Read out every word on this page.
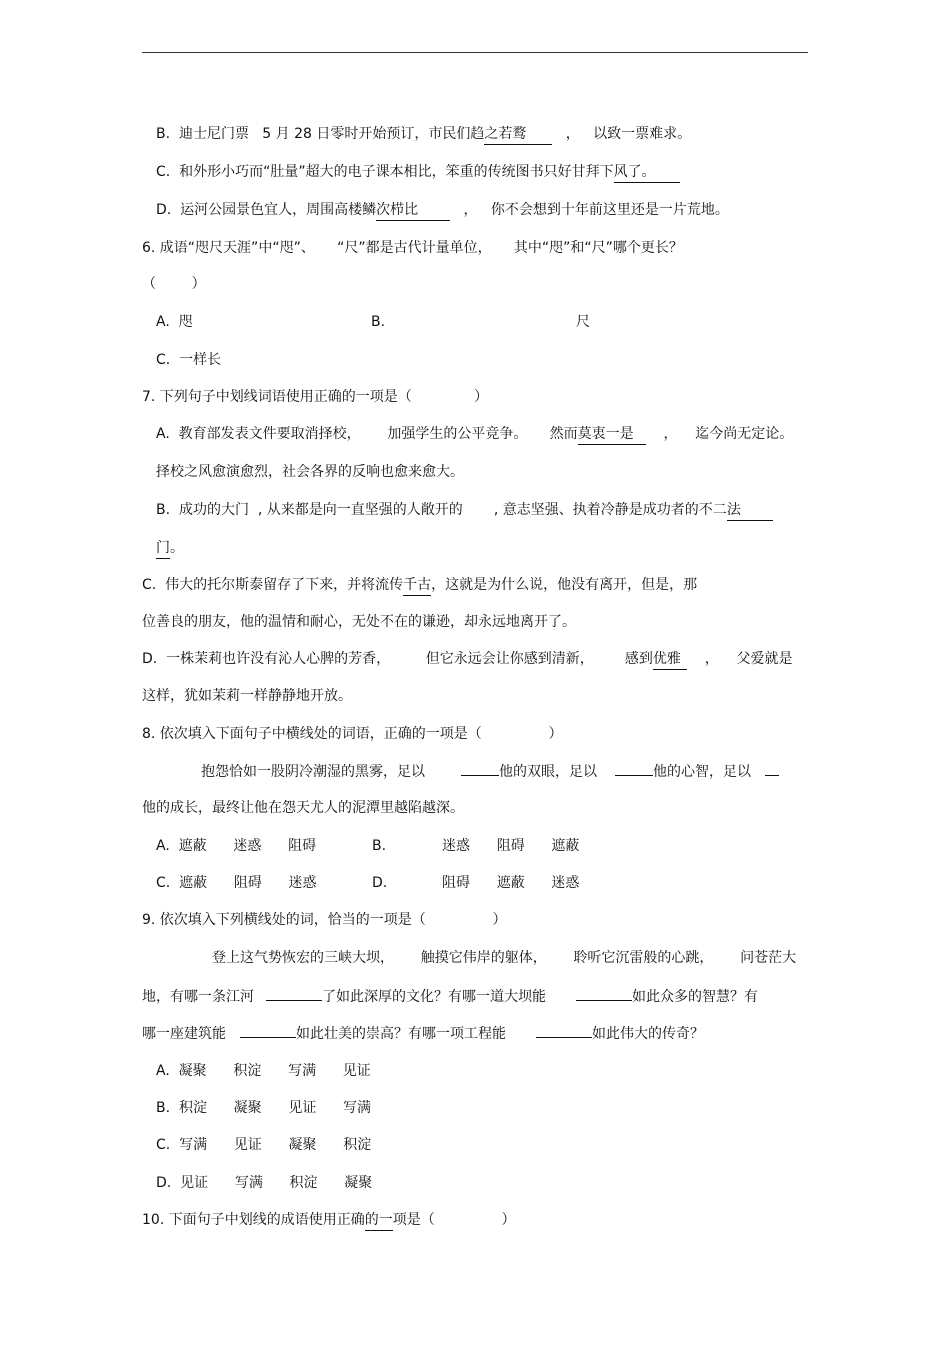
B.  迪士尼门票   5 月 28 日零时开始预订，市民们趋之若鹜   ，   以致一票难求。
C.  和外形小巧而“肚量”超大的电子课本相比，笨重的传统图书只好甘拜下风了。
D.  运河公园景色宜人，周围高楼鳞次栉比   ，   你不会想到十年前这里还是一片荒地。
6. 成语“咫尺天涯”中“咫”、     “尺”都是古代计量单位，     其中“咫”和“尺”哪个更长？
（        ）
A.  咫	B.	尺
C.  一样长
7. 下列句子中划线词语使用正确的一项是（              ）
A.  教育部发表文件要取消择校，      加强学生的公平竞争。     然而莫衷一是    ，    迄今尚无定论。
择校之风愈演愈烈，社会各界的反响也愈来愈大。
B.  成功的大门  , 从来都是向一直坚强的人敞开的       , 意志坚强、执着冷静是成功者的不二法
门。
C.  伟大的托尔斯泰留存了下来，并将流传千古，这就是为什么说，他没有离开，但是，那
位善良的朋友，他的温情和耐心，无处不在的谦逊，却永远地离开了。
D.  一株茉莉也许没有沁人心脾的芳香，        但它永远会让你感到清新，       感到优雅    ，    父爱就是
这样，犹如茉莉一样静静地开放。
8. 依次填入下面句子中横线处的词语，正确的一项是（               ）
抱怨恰如一股阴冷潮湿的黑雾，足以	他的双眼，足以	他的心智，足以
他的成长，最终让他在怨天尤人的泥潭里越陷越深。
A.  遮蔽      迷惑      阻碍	B.	迷惑      阻碍      遮蔽
C.  遮蔽      阻碍      迷惑	D.	阻碍      遮蔽      迷惑
9. 依次填入下列横线处的词，恰当的一项是（               ）
登上这气势恢宏的三峡大坝，      触摸它伟岸的躯体，      聆听它沉雷般的心跳，      问苍茫大
地，有哪一条江河	了如此深厚的文化？有哪一道大坝能	如此众多的智慧？有
哪一座建筑能	如此壮美的崇高？有哪一项工程能	如此伟大的传奇？
A.  凝聚      积淀      写满      见证
B.  积淀      凝聚      见证      写满
C.  写满      见证      凝聚      积淀
D.  见证      写满      积淀      凝聚
10. 下面句子中划线的成语使用正确的一项是（               ）
